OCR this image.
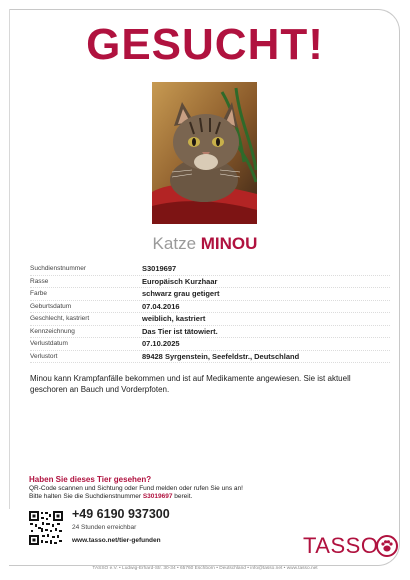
GESUCHT!
Katze MINOU
Suchdienstnummer	S3019697
Rasse	Europäisch Kurzhaar
Farbe	schwarz grau getigert
Geburtsdatum	07.04.2016
Geschlecht, kastriert	weiblich, kastriert
Kennzeichnung	Das Tier ist tätowiert.
Verlustdatum	07.10.2025
Verlustort	89428 Syrgenstein, Seefeldstr., Deutschland
Minou kann Krampfanfälle bekommen und ist auf Medikamente angewiesen. Sie ist aktuell geschoren an Bauch und Vorderpfoten.
Haben Sie dieses Tier gesehen?
QR-Code scannen und Sichtung oder Fund melden oder rufen Sie uns an!
Bitte halten Sie die Suchdienstnummer S3019697 bereit.
+49 6190 937300
24 Stunden erreichbar
www.tasso.net/tier-gefunden	TASSO
TASSO e.V. • Ludwig-Erhard-Str. 30-34 • 65760 Eschborn • Deutschland • info@tasso.net • www.tasso.net
